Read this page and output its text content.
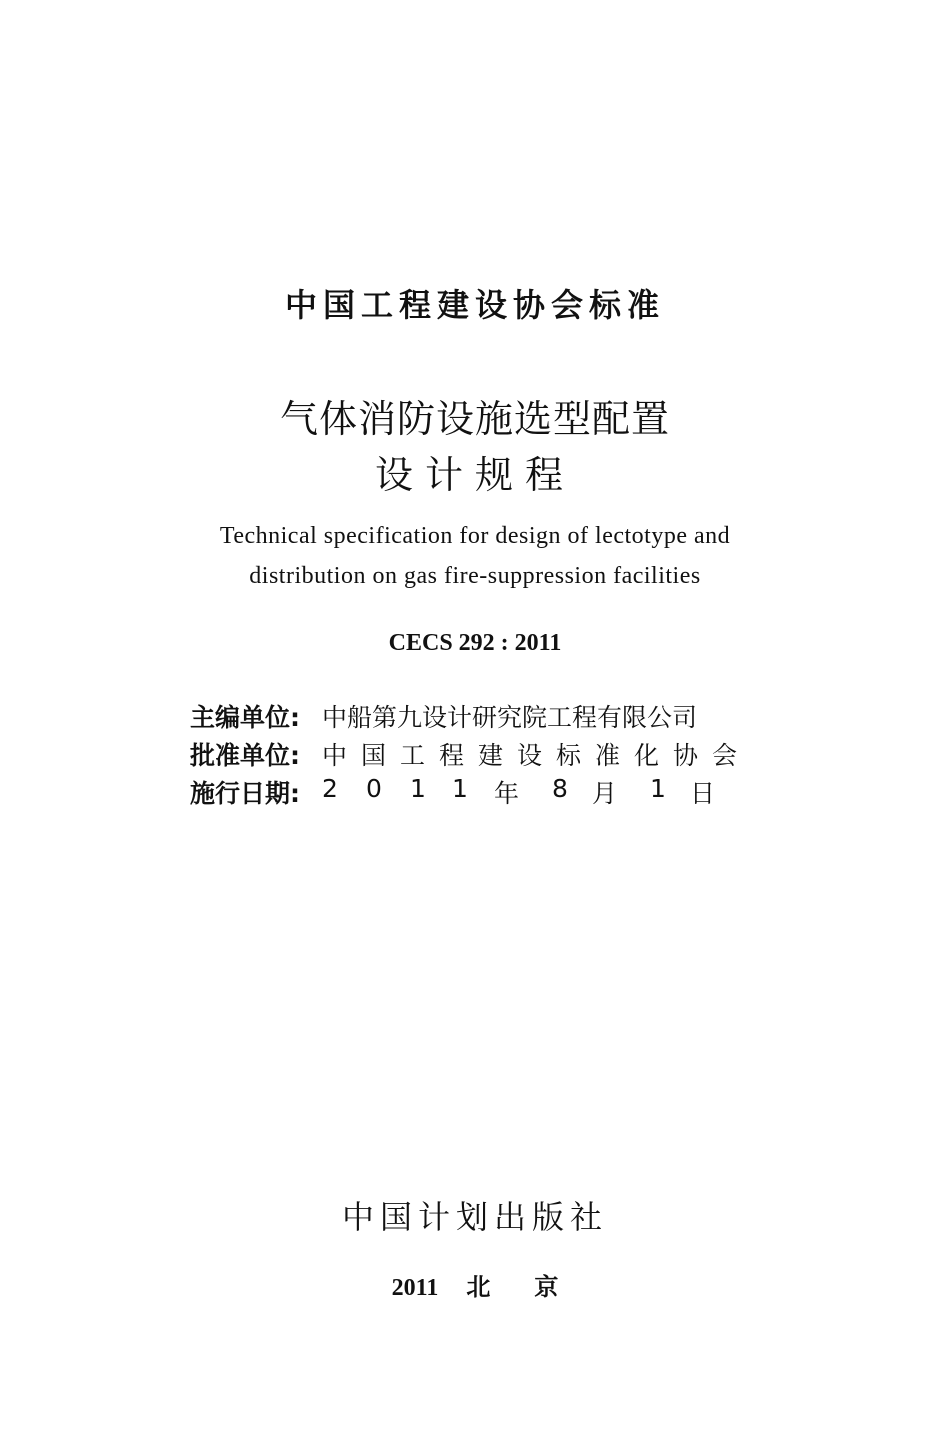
中国工程建设协会标准
气体消防设施选型配置
设计规程
Technical specification for design of lectotype and
distribution on gas fire-suppression facilities
CECS 292 : 2011
主编单位: 中船第九设计研究院工程有限公司
批准单位: 中国工程建设标准化协会
施行日期: 2 0 1 1 年 8 月 1 日
中国计划出版社
2011 北 京
